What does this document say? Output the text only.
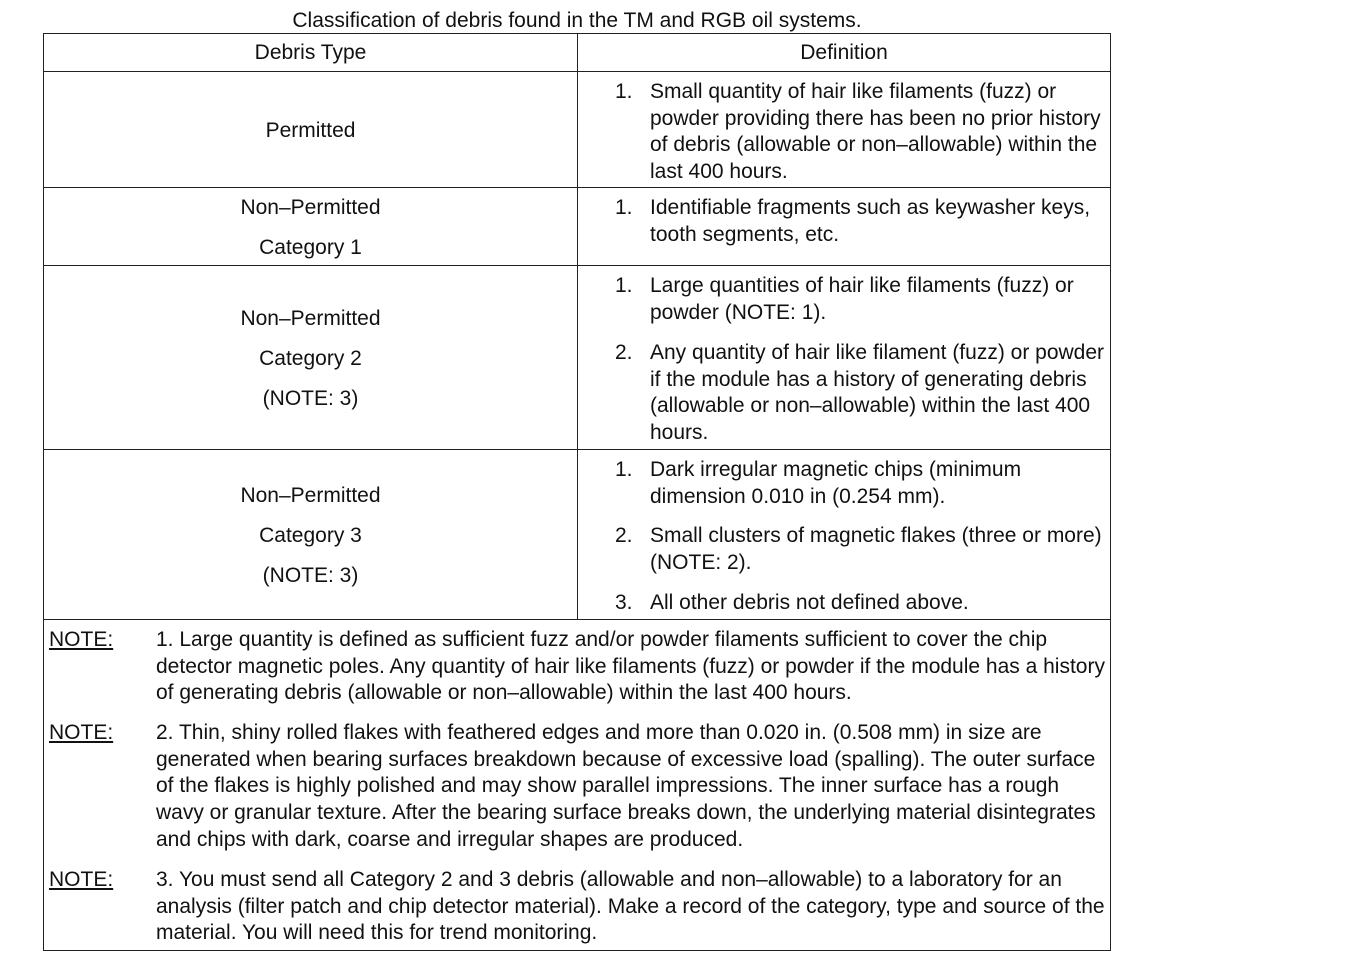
Classification of debris found in the TM and RGB oil systems.
Debris Type	Definition
Permitted
1. Small quantity of hair like filaments (fuzz) or powder providing there has been no prior history of debris (allowable or non–allowable) within the last 400 hours.
Non–Permitted
Category 1
1. Identifiable fragments such as keywasher keys, tooth segments, etc.
Non–Permitted
Category 2
(NOTE: 3)
1. Large quantities of hair like filaments (fuzz) or powder (NOTE: 1).
2. Any quantity of hair like filament (fuzz) or powder if the module has a history of generating debris (allowable or non–allowable) within the last 400 hours.
Non–Permitted
Category 3
(NOTE: 3)
1. Dark irregular magnetic chips (minimum dimension 0.010 in (0.254 mm).
2. Small clusters of magnetic flakes (three or more) (NOTE: 2).
3. All other debris not defined above.
NOTE: 1. Large quantity is defined as sufficient fuzz and/or powder filaments sufficient to cover the chip detector magnetic poles. Any quantity of hair like filaments (fuzz) or powder if the module has a history of generating debris (allowable or non–allowable) within the last 400 hours.
NOTE: 2. Thin, shiny rolled flakes with feathered edges and more than 0.020 in. (0.508 mm) in size are generated when bearing surfaces breakdown because of excessive load (spalling). The outer surface of the flakes is highly polished and may show parallel impressions. The inner surface has a rough wavy or granular texture. After the bearing surface breaks down, the underlying material disintegrates and chips with dark, coarse and irregular shapes are produced.
NOTE: 3. You must send all Category 2 and 3 debris (allowable and non–allowable) to a laboratory for an analysis (filter patch and chip detector material). Make a record of the category, type and source of the material. You will need this for trend monitoring.
